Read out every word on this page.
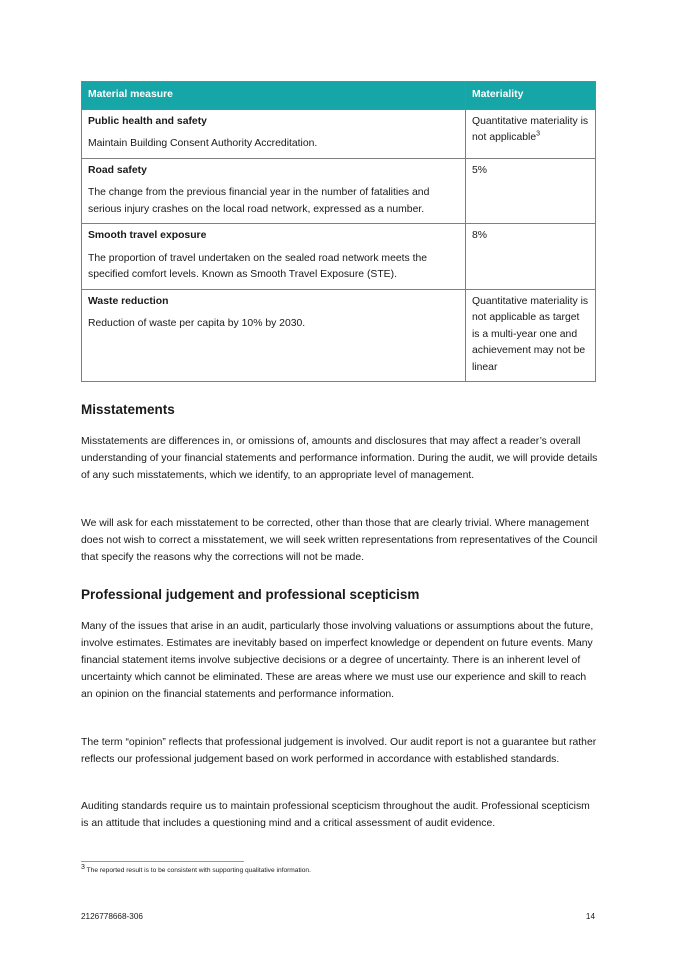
Material measure	Materiality

Public health and safety

Maintain Building Consent Authority Accreditation.	Quantitative materiality is not applicable$^3$

Road safety

The change from the previous financial year in the number of fatalities and serious injury crashes on the local road network, expressed as a number.	5%

Smooth travel exposure

The proportion of travel undertaken on the sealed road network meets the specified comfort levels. Known as Smooth Travel Exposure (STE).	8%

Waste reduction

Reduction of waste per capita by 10% by 2030.	Quantitative materiality is not applicable as target is a multi-year one and achievement may not be linear
Misstatements

Misstatements are differences in, or omissions of, amounts and disclosures that may affect a reader’s overall understanding of your financial statements and performance information. During the audit, we will provide details of any such misstatements, which we identify, to an appropriate level of management.

We will ask for each misstatement to be corrected, other than those that are clearly trivial. Where management does not wish to correct a misstatement, we will seek written representations from representatives of the Council that specify the reasons why the corrections will not be made.

Professional judgement and professional scepticism

Many of the issues that arise in an audit, particularly those involving valuations or assumptions about the future, involve estimates. Estimates are inevitably based on imperfect knowledge or dependent on future events. Many financial statement items involve subjective decisions or a degree of uncertainty. There is an inherent level of uncertainty which cannot be eliminated. These are areas where we must use our experience and skill to reach an opinion on the financial statements and performance information.

The term “opinion” reflects that professional judgement is involved. Our audit report is not a guarantee but rather reflects our professional judgement based on work performed in accordance with established standards.

Auditing standards require us to maintain professional scepticism throughout the audit. Professional scepticism is an attitude that includes a questioning mind and a critical assessment of audit evidence.

$^3$ The reported result is to be consistent with supporting qualitative information.
2126778668-306	14
